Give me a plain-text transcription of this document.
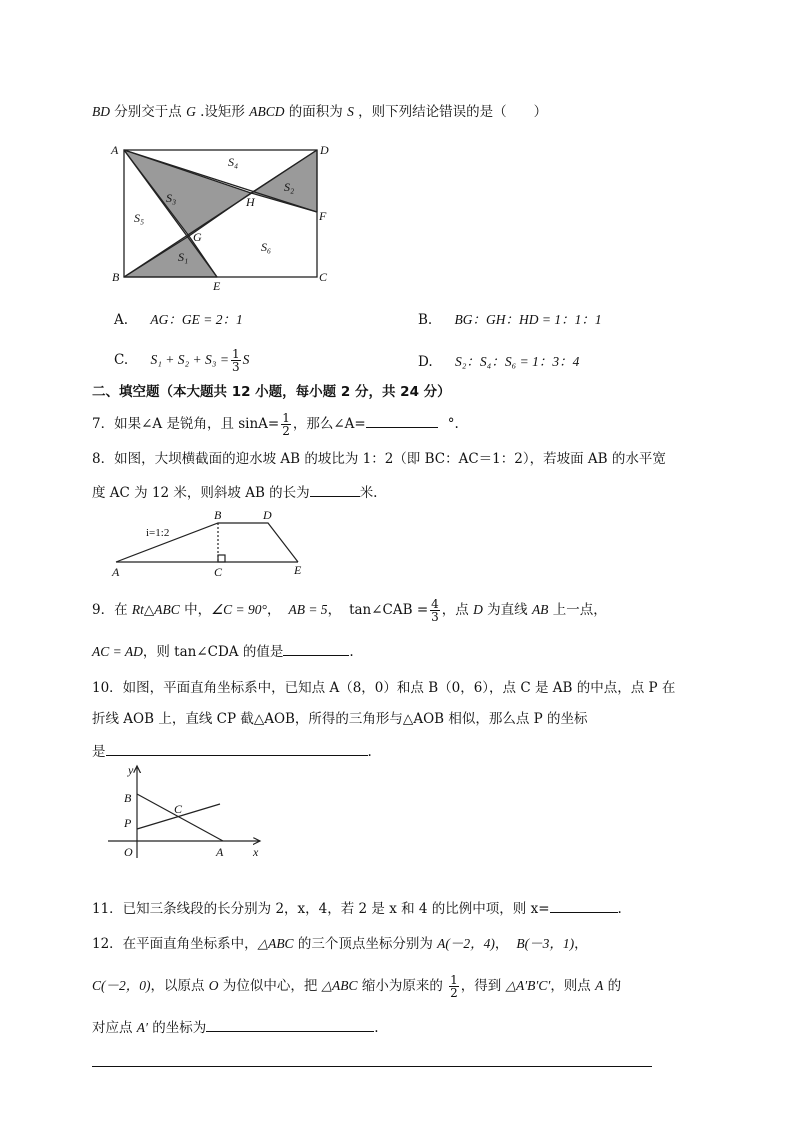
BD 分别交于点 G .设矩形 ABCD 的面积为 S ，则下列结论错误的是（　　）
A	D
B	C
E
F
G
H
S₄
S₃
S₂
S₅
S₆
S₁
A. AG：GE = 2：1	B. BG：GH：HD = 1：1：1
C. $S_1 + S_2 + S_3 = \frac{1}{3}$ S	D. S₂：S₄：S₆ = 1：3：4
二、填空题（本大题共 12 小题，每小题 2 分，共 24 分）
7．如果∠A 是锐角，且 $\sin A= \frac{1}{2}$ ，那么∠A=	°.
8．如图，大坝横截面的迎水坡 AB 的坡比为 1：2（即 BC：AC＝1：2），若坡面 AB 的水平宽
度 AC 为 12 米，则斜坡 AB 的长为	米.
A
B
C
D
E
i=1:2
9．在 Rt△ABC 中，∠C = 90°， AB = 5， tan∠CAB = $\frac{4}{3}$ ，点 D 为直线 AB 上一点，
AC = AD，则 tan∠CDA 的值是	.
10．如图，平面直角坐标系中，已知点 A（8，0）和点 B（0，6），点 C 是 AB 的中点，点 P 在
折线 AOB 上，直线 CP 截△AOB，所得的三角形与△AOB 相似，那么点 P 的坐标
是	.
y
x
O	A
B
P
C
11．已知三条线段的长分别为 2，x，4，若 2 是 x 和 4 的比例中项，则 x=	.
12．在平面直角坐标系中，△ABC 的三个顶点坐标分别为 A(－2，4)， B(－3，1)，
C(－2，0)，以原点 O 为位似中心，把 △ABC 缩小为原来的 $\frac{1}{2}$ ，得到 △A′B′C′，则点 A 的
对应点 A′ 的坐标为	.
